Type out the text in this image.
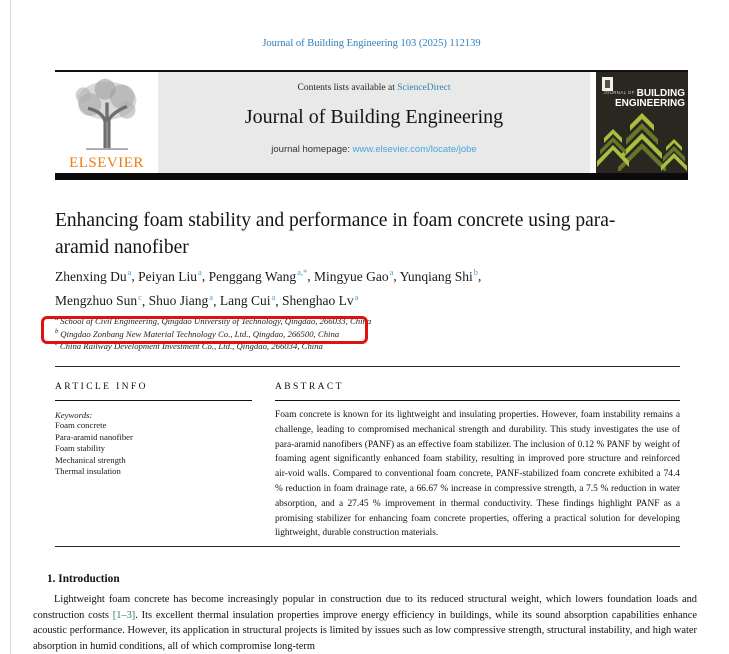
Journal of Building Engineering 103 (2025) 112139
ELSEVIER
Contents lists available at ScienceDirect
Journal of Building Engineering
journal homepage: www.elsevier.com/locate/jobe
$^{JOURNAL OF}$ BUILDING
ENGINEERING
Enhancing foam stability and performance in foam concrete using para-aramid nanofiber
Zhenxing Du$^a$, Peiyan Liu$^a$, Penggang Wang$^{a,*}$, Mingyue Gao$^a$, Yunqiang Shi$^b$,
Mengzhuo Sun$^c$, Shuo Jiang$^a$, Lang Cui$^a$, Shenghao Lv$^a$
$^a$ School of Civil Engineering, Qingdao University of Technology, Qingdao, 266033, China
$^b$ Qingdao Zonbang New Material Technology Co., Ltd., Qingdao, 266500, China
$^c$ China Railway Development Investment Co., Ltd., Qingdao, 266034, China
ARTICLE INFO
Keywords:
Foam concrete
Para-aramid nanofiber
Foam stability
Mechanical strength
Thermal insulation
ABSTRACT

Foam concrete is known for its lightweight and insulating properties. However, foam instability remains a challenge, leading to compromised mechanical strength and durability. This study investigates the use of para-aramid nanofibers (PANF) as an effective foam stabilizer. The inclusion of 0.12 % PANF by weight of foaming agent significantly enhanced foam stability, resulting in improved pore structure and reinforced air-void walls. Compared to conventional foam concrete, PANF-stabilized foam concrete exhibited a 74.4 % reduction in foam drainage rate, a 66.67 % increase in compressive strength, a 7.5 % reduction in water absorption, and a 27.45 % improvement in thermal conductivity. These findings highlight PANF as a promising stabilizer for enhancing foam concrete properties, offering a practical solution for developing lightweight, durable construction materials.

1. Introduction

Lightweight foam concrete has become increasingly popular in construction due to its reduced structural weight, which lowers foundation loads and construction costs [1–3]. Its excellent thermal insulation properties improve energy efficiency in buildings, while its sound absorption capabilities enhance acoustic performance. However, its application in structural projects is limited by issues such as low compressive strength, structural instability, and high water absorption in humid conditions, all of which compromise long-term
